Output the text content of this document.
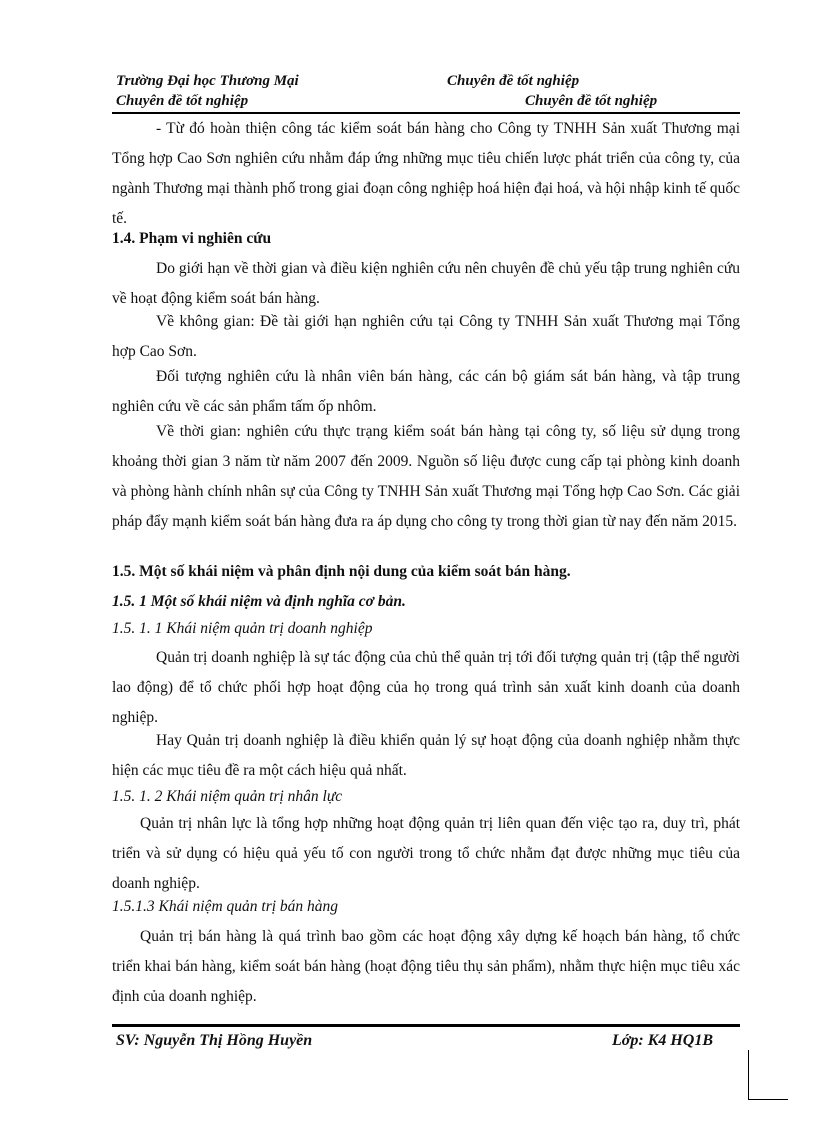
Trường Đại học Thương Mại	Chuyên đề tốt nghiệp
Chuyên đề tốt nghiệp	Chuyên đề tốt nghiệp

- Từ đó hoàn thiện công tác kiểm soát bán hàng cho Công ty TNHH Sản xuất Thương mại Tổng hợp Cao Sơn nghiên cứu nhằm đáp ứng những mục tiêu chiến lược phát triển của công ty, của ngành Thương mại thành phố trong giai đoạn công nghiệp hoá hiện đại hoá, và hội nhập kinh tế quốc tế.

1.4. Phạm vi nghiên cứu

Do giới hạn về thời gian và điều kiện nghiên cứu nên chuyên đề chủ yếu tập trung nghiên cứu về hoạt động kiểm soát bán hàng.

Về không gian: Đề tài giới hạn nghiên cứu tại Công ty TNHH Sản xuất Thương mại Tổng hợp Cao Sơn.

Đối tượng nghiên cứu là nhân viên bán hàng, các cán bộ giám sát bán hàng, và tập trung nghiên cứu về các sản phẩm tấm ốp nhôm.

Về thời gian: nghiên cứu thực trạng kiểm soát bán hàng tại công ty, số liệu sử dụng trong khoảng thời gian 3 năm từ năm 2007 đến 2009. Nguồn số liệu được cung cấp tại phòng kinh doanh và phòng hành chính nhân sự của Công ty TNHH Sản xuất Thương mại Tổng hợp Cao Sơn. Các giải pháp đẩy mạnh kiểm soát bán hàng đưa ra áp dụng cho công ty trong thời gian từ nay đến năm 2015.

1.5. Một số khái niệm và phân định nội dung của kiểm soát bán hàng.

1.5. 1 Một số khái niệm và định nghĩa cơ bản.

1.5. 1. 1 Khái niệm quản trị doanh nghiệp

Quản trị doanh nghiệp là sự tác động của chủ thể quản trị tới đối tượng quản trị (tập thể người lao động) để tổ chức phối hợp hoạt động của họ trong quá trình sản xuất kinh doanh của doanh nghiệp.

Hay Quản trị doanh nghiệp là điều khiển quản lý sự hoạt động của doanh nghiệp nhằm thực hiện các mục tiêu đề ra một cách hiệu quả nhất.

1.5. 1. 2 Khái niệm quản trị nhân lực

Quản trị nhân lực là tổng hợp những hoạt động quản trị liên quan đến việc tạo ra, duy trì, phát triển và sử dụng có hiệu quả yếu tố con người trong tổ chức nhằm đạt được những mục tiêu của doanh nghiệp.

1.5.1.3 Khái niệm quản trị bán hàng

Quản trị bán hàng là quá trình bao gồm các hoạt động xây dựng kế hoạch bán hàng, tổ chức triển khai bán hàng, kiểm soát bán hàng (hoạt động tiêu thụ sản phẩm), nhằm thực hiện mục tiêu xác định của doanh nghiệp.

SV: Nguyễn Thị Hồng Huyền	Lớp: K4 HQ1B
